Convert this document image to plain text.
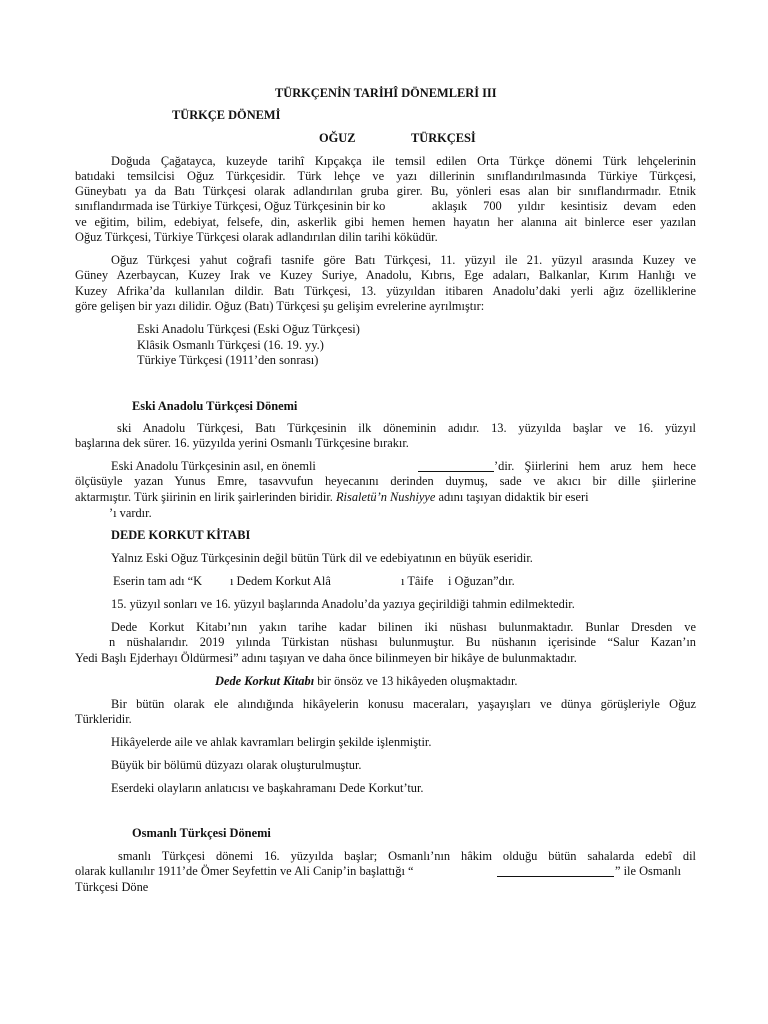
TÜRKÇENİN TARİHÎ DÖNEMLERİ III
TÜRKÇE DÖNEMİ
OĞUZ	TÜRKÇESİ
Doğuda Çağatayca, kuzeyde tarihî Kıpçakça ile temsil edilen Orta Türkçe dönemi Türk lehçelerinin
batıdaki temsilcisi Oğuz Türkçesidir. Türk lehçe ve yazı dillerinin sınıflandırılmasında Türkiye Türkçesi,
Güneybatı ya da Batı Türkçesi olarak adlandırılan gruba girer. Bu, yönleri esas alan bir sınıflandırmadır. Etnik
sınıflandırmada ise Türkiye Türkçesi, Oğuz Türkçesinin bir ko	aklaşık 700 yıldır kesintisiz devam eden
ve eğitim, bilim, edebiyat, felsefe, din, askerlik gibi hemen hemen hayatın her alanına ait binlerce eser yazılan
Oğuz Türkçesi, Türkiye Türkçesi olarak adlandırılan dilin tarihi köküdür.
Oğuz Türkçesi yahut coğrafi tasnife göre Batı Türkçesi, 11. yüzyıl ile 21. yüzyıl arasında Kuzey ve
Güney Azerbaycan, Kuzey Irak ve Kuzey Suriye, Anadolu, Kıbrıs, Ege adaları, Balkanlar, Kırım Hanlığı ve
Kuzey Afrika’da kullanılan dildir. Batı Türkçesi, 13. yüzyıldan itibaren Anadolu’daki yerli ağız özelliklerine
göre gelişen bir yazı dilidir. Oğuz (Batı) Türkçesi şu gelişim evrelerine ayrılmıştır:
Eski Anadolu Türkçesi (Eski Oğuz Türkçesi)
Klâsik Osmanlı Türkçesi (16. 19. yy.)
Türkiye Türkçesi (1911’den sonrası)
Eski Anadolu Türkçesi Dönemi
ski Anadolu Türkçesi, Batı Türkçesinin ilk döneminin adıdır. 13. yüzyılda başlar ve 16. yüzyıl
başlarına dek sürer. 16. yüzyılda yerini Osmanlı Türkçesine bırakır.
Eski Anadolu Türkçesinin asıl, en önemli	’dir. Şiirlerini hem aruz hem hece
ölçüsüyle yazan Yunus Emre, tasavvufun heyecanını derinden duymuş, sade ve akıcı bir dille şiirlerine
aktarmıştır. Türk şiirinin en lirik şairlerinden biridir. Risaletü’n Nushiyye adını taşıyan didaktik bir eseri
’ı vardır.
DEDE KORKUT KİTABI
Yalnız Eski Oğuz Türkçesinin değil bütün Türk dil ve edebiyatının en büyük eseridir.
Eserin tam adı “K ı Dedem Korkut Alâ	ı Tâife i Oğuzan”dır.
15. yüzyıl sonları ve 16. yüzyıl başlarında Anadolu’da yazıya geçirildiği tahmin edilmektedir.
Dede Korkut Kitabı’nın yakın tarihe kadar bilinen iki nüshası bulunmaktadır. Bunlar Dresden ve
n nüshalarıdır. 2019 yılında Türkistan nüshası bulunmuştur. Bu nüshanın içerisinde “Salur Kazan’ın
Yedi Başlı Ejderhayı Öldürmesi” adını taşıyan ve daha önce bilinmeyen bir hikâye de bulunmaktadır.
Dede Korkut Kitabı bir önsöz ve 13 hikâyeden oluşmaktadır.
Bir bütün olarak ele alındığında hikâyelerin konusu maceraları, yaşayışları ve dünya görüşleriyle Oğuz
Türkleridir.
Hikâyelerde aile ve ahlak kavramları belirgin şekilde işlenmiştir.
Büyük bir bölümü düzyazı olarak oluşturulmuştur.
Eserdeki olayların anlatıcısı ve başkahramanı Dede Korkut’tur.
Osmanlı Türkçesi Dönemi
smanlı Türkçesi dönemi 16. yüzyılda başlar; Osmanlı’nın hâkim olduğu bütün sahalarda edebî dil
olarak kullanılır 1911’de Ömer Seyfettin ve Ali Canip’in başlattığı “	” ile Osmanlı
Türkçesi Döne
